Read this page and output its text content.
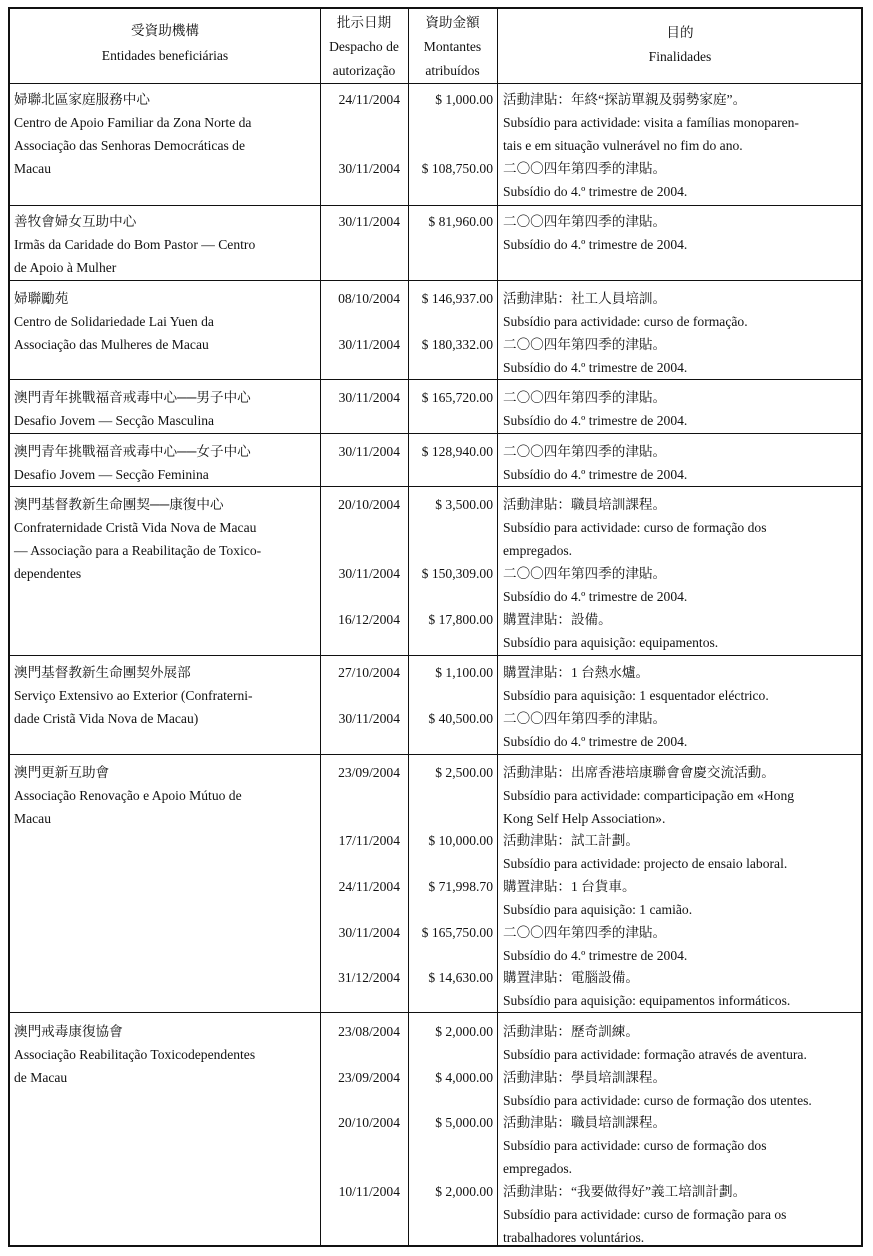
受資助機構
Entidades beneficiárias
批示日期
Despacho de
autorização
資助金額
Montantes
atribuídos
目的
Finalidades
婦聯北區家庭服務中心
Centro de Apoio Familiar da Zona Norte da
Associação das Senhoras Democráticas de
Macau
24/11/2004	$ 1,000.00 活動津貼：年終“探訪單親及弱勢家庭”。
Subsídio para actividade: visita a famílias monoparen-
tais e em situação vulnerável no fim do ano.
30/11/2004	$ 108,750.00 二〇〇四年第四季的津貼。
Subsídio do 4.º trimestre de 2004.
善牧會婦女互助中心
Irmãs da Caridade do Bom Pastor — Centro
de Apoio à Mulher
30/11/2004	$ 81,960.00 二〇〇四年第四季的津貼。
Subsídio do 4.º trimestre de 2004.
婦聯勵苑
Centro de Solidariedade Lai Yuen da
Associação das Mulheres de Macau
08/10/2004	$ 146,937.00 活動津貼：社工人員培訓。
Subsídio para actividade: curso de formação.
30/11/2004	$ 180,332.00 二〇〇四年第四季的津貼。
Subsídio do 4.º trimestre de 2004.
澳門青年挑戰福音戒毒中心──男子中心
Desafio Jovem — Secção Masculina
30/11/2004	$ 165,720.00 二〇〇四年第四季的津貼。
Subsídio do 4.º trimestre de 2004.
澳門青年挑戰福音戒毒中心──女子中心
Desafio Jovem — Secção Feminina
30/11/2004	$ 128,940.00 二〇〇四年第四季的津貼。
Subsídio do 4.º trimestre de 2004.
澳門基督教新生命團契──康復中心
Confraternidade Cristã Vida Nova de Macau
— Associação para a Reabilitação de Toxico-
dependentes
20/10/2004	$ 3,500.00 活動津貼：職員培訓課程。
Subsídio para actividade: curso de formação dos
empregados.
30/11/2004	$ 150,309.00 二〇〇四年第四季的津貼。
Subsídio do 4.º trimestre de 2004.
16/12/2004	$ 17,800.00 購置津貼：設備。
Subsídio para aquisição: equipamentos.
澳門基督教新生命團契外展部
Serviço Extensivo ao Exterior (Confraterni-
dade Cristã Vida Nova de Macau)
27/10/2004	$ 1,100.00 購置津貼：1 台熱水爐。
Subsídio para aquisição: 1 esquentador eléctrico.
30/11/2004	$ 40,500.00 二〇〇四年第四季的津貼。
Subsídio do 4.º trimestre de 2004.
澳門更新互助會
Associação Renovação e Apoio Mútuo de
Macau
23/09/2004	$ 2,500.00 活動津貼：出席香港培康聯會會慶交流活動。
Subsídio para actividade: comparticipação em «Hong
Kong Self Help Association».
17/11/2004	$ 10,000.00 活動津貼：試工計劃。
Subsídio para actividade: projecto de ensaio laboral.
24/11/2004	$ 71,998.70 購置津貼：1 台貨車。
Subsídio para aquisição: 1 camião.
30/11/2004	$ 165,750.00 二〇〇四年第四季的津貼。
Subsídio do 4.º trimestre de 2004.
31/12/2004	$ 14,630.00 購置津貼：電腦設備。
Subsídio para aquisição: equipamentos informáticos.
澳門戒毒康復協會
Associação Reabilitação Toxicodependentes
de Macau
23/08/2004	$ 2,000.00 活動津貼：歷奇訓練。
Subsídio para actividade: formação através de aventura.
23/09/2004	$ 4,000.00 活動津貼：學員培訓課程。
Subsídio para actividade: curso de formação dos utentes.
20/10/2004	$ 5,000.00 活動津貼：職員培訓課程。
Subsídio para actividade: curso de formação dos
empregados.
10/11/2004	$ 2,000.00 活動津貼：“我要做得好”義工培訓計劃。
Subsídio para actividade: curso de formação para os
trabalhadores voluntários.
